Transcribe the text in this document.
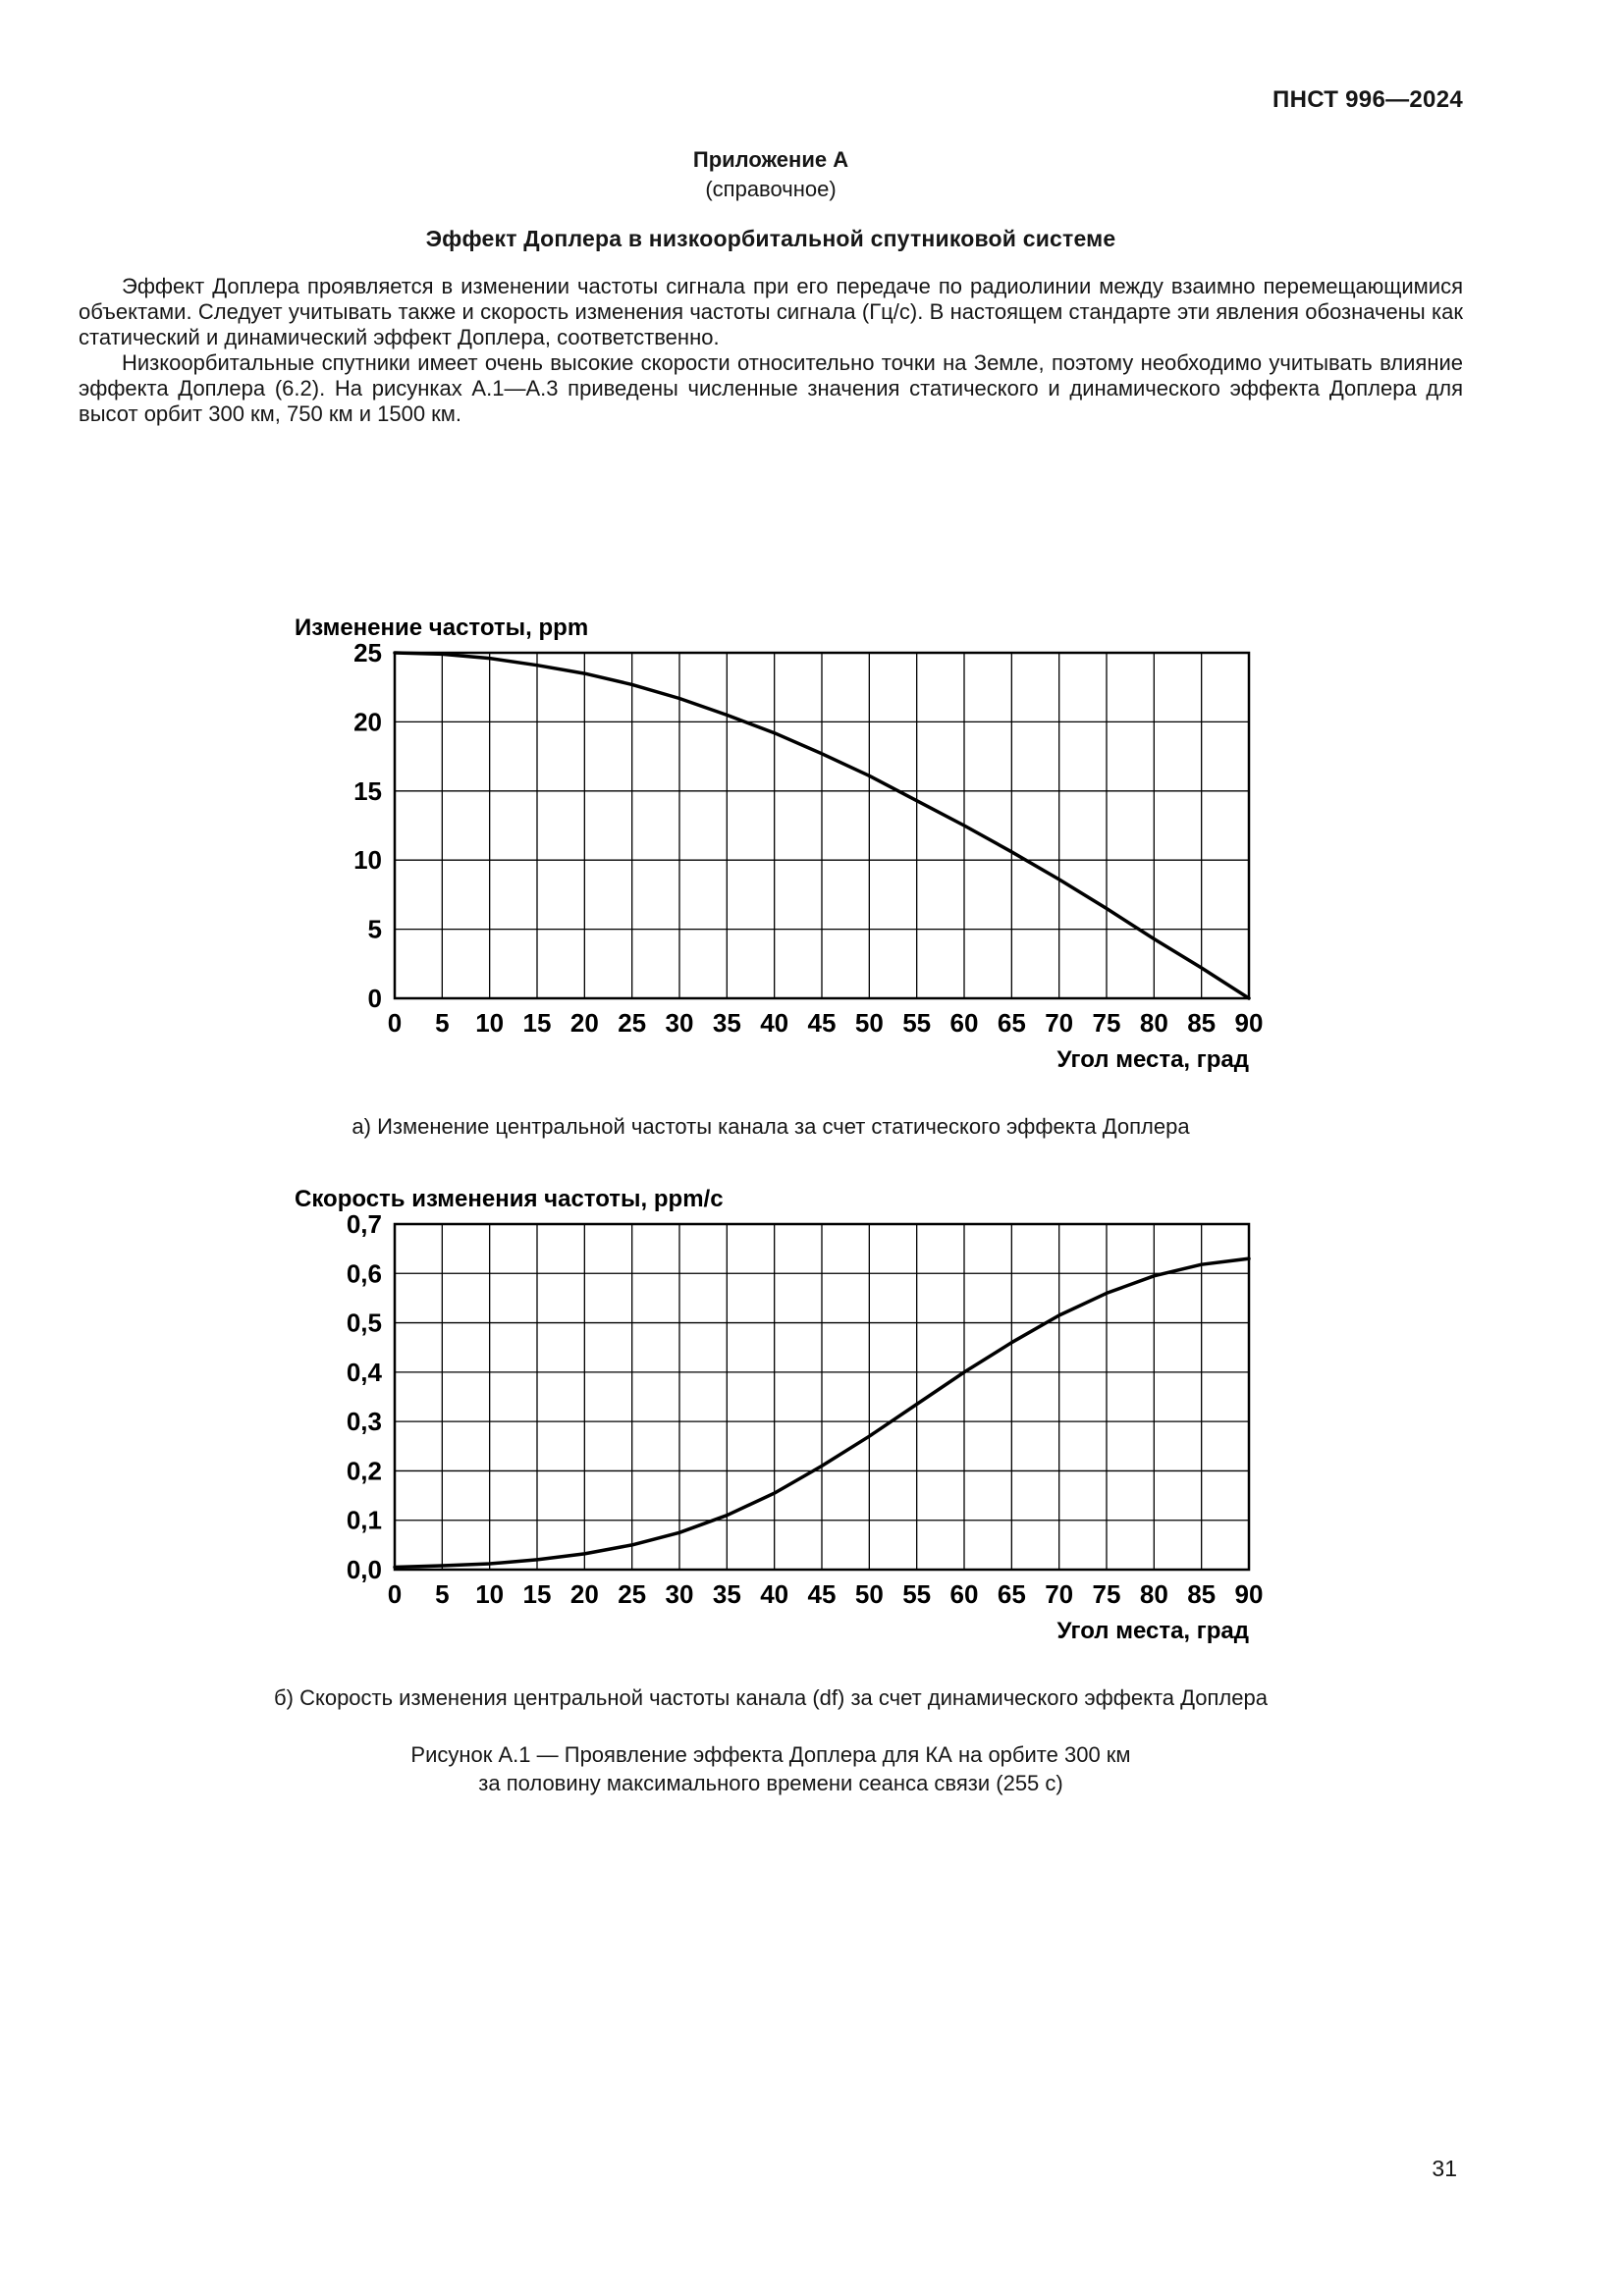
ПНСТ 996—2024
Приложение А
(справочное)
Эффект Доплера в низкоорбитальной спутниковой системе

Эффект Доплера проявляется в изменении частоты сигнала при его передаче по радиолинии между взаимно перемещающимися объектами. Следует учитывать также и скорость изменения частоты сигнала (Гц/с). В настоящем стандарте эти явления обозначены как статический и динамический эффект Доплера, соответственно.

Низкоорбитальные спутники имеет очень высокие скорости относительно точки на Земле, поэтому необходимо учитывать влияние эффекта Доплера (6.2). На рисунках А.1—А.3 приведены численные значения статического и динамического эффекта Доплера для высот орбит 300 км, 750 км и 1500 км.

Изменение частоты, ppm
0
5
10
15
20
25
0 5 10 15 20 25 30 35 40 45 50 55 60 65 70 75 80 85 90
Угол места, град
а) Изменение центральной частоты канала за счет статического эффекта Доплера
Скорость изменения частоты, ppm/c
0,0
0,1
0,2
0,3
0,4
0,5
0,6
0,7
0 5 10 15 20 25 30 35 40 45 50 55 60 65 70 75 80 85 90
Угол места, град
б) Скорость изменения центральной частоты канала (df) за счет динамического эффекта Доплера
Рисунок А.1 — Проявление эффекта Доплера для КА на орбите 300 км
за половину максимального времени сеанса связи (255 с)
31
